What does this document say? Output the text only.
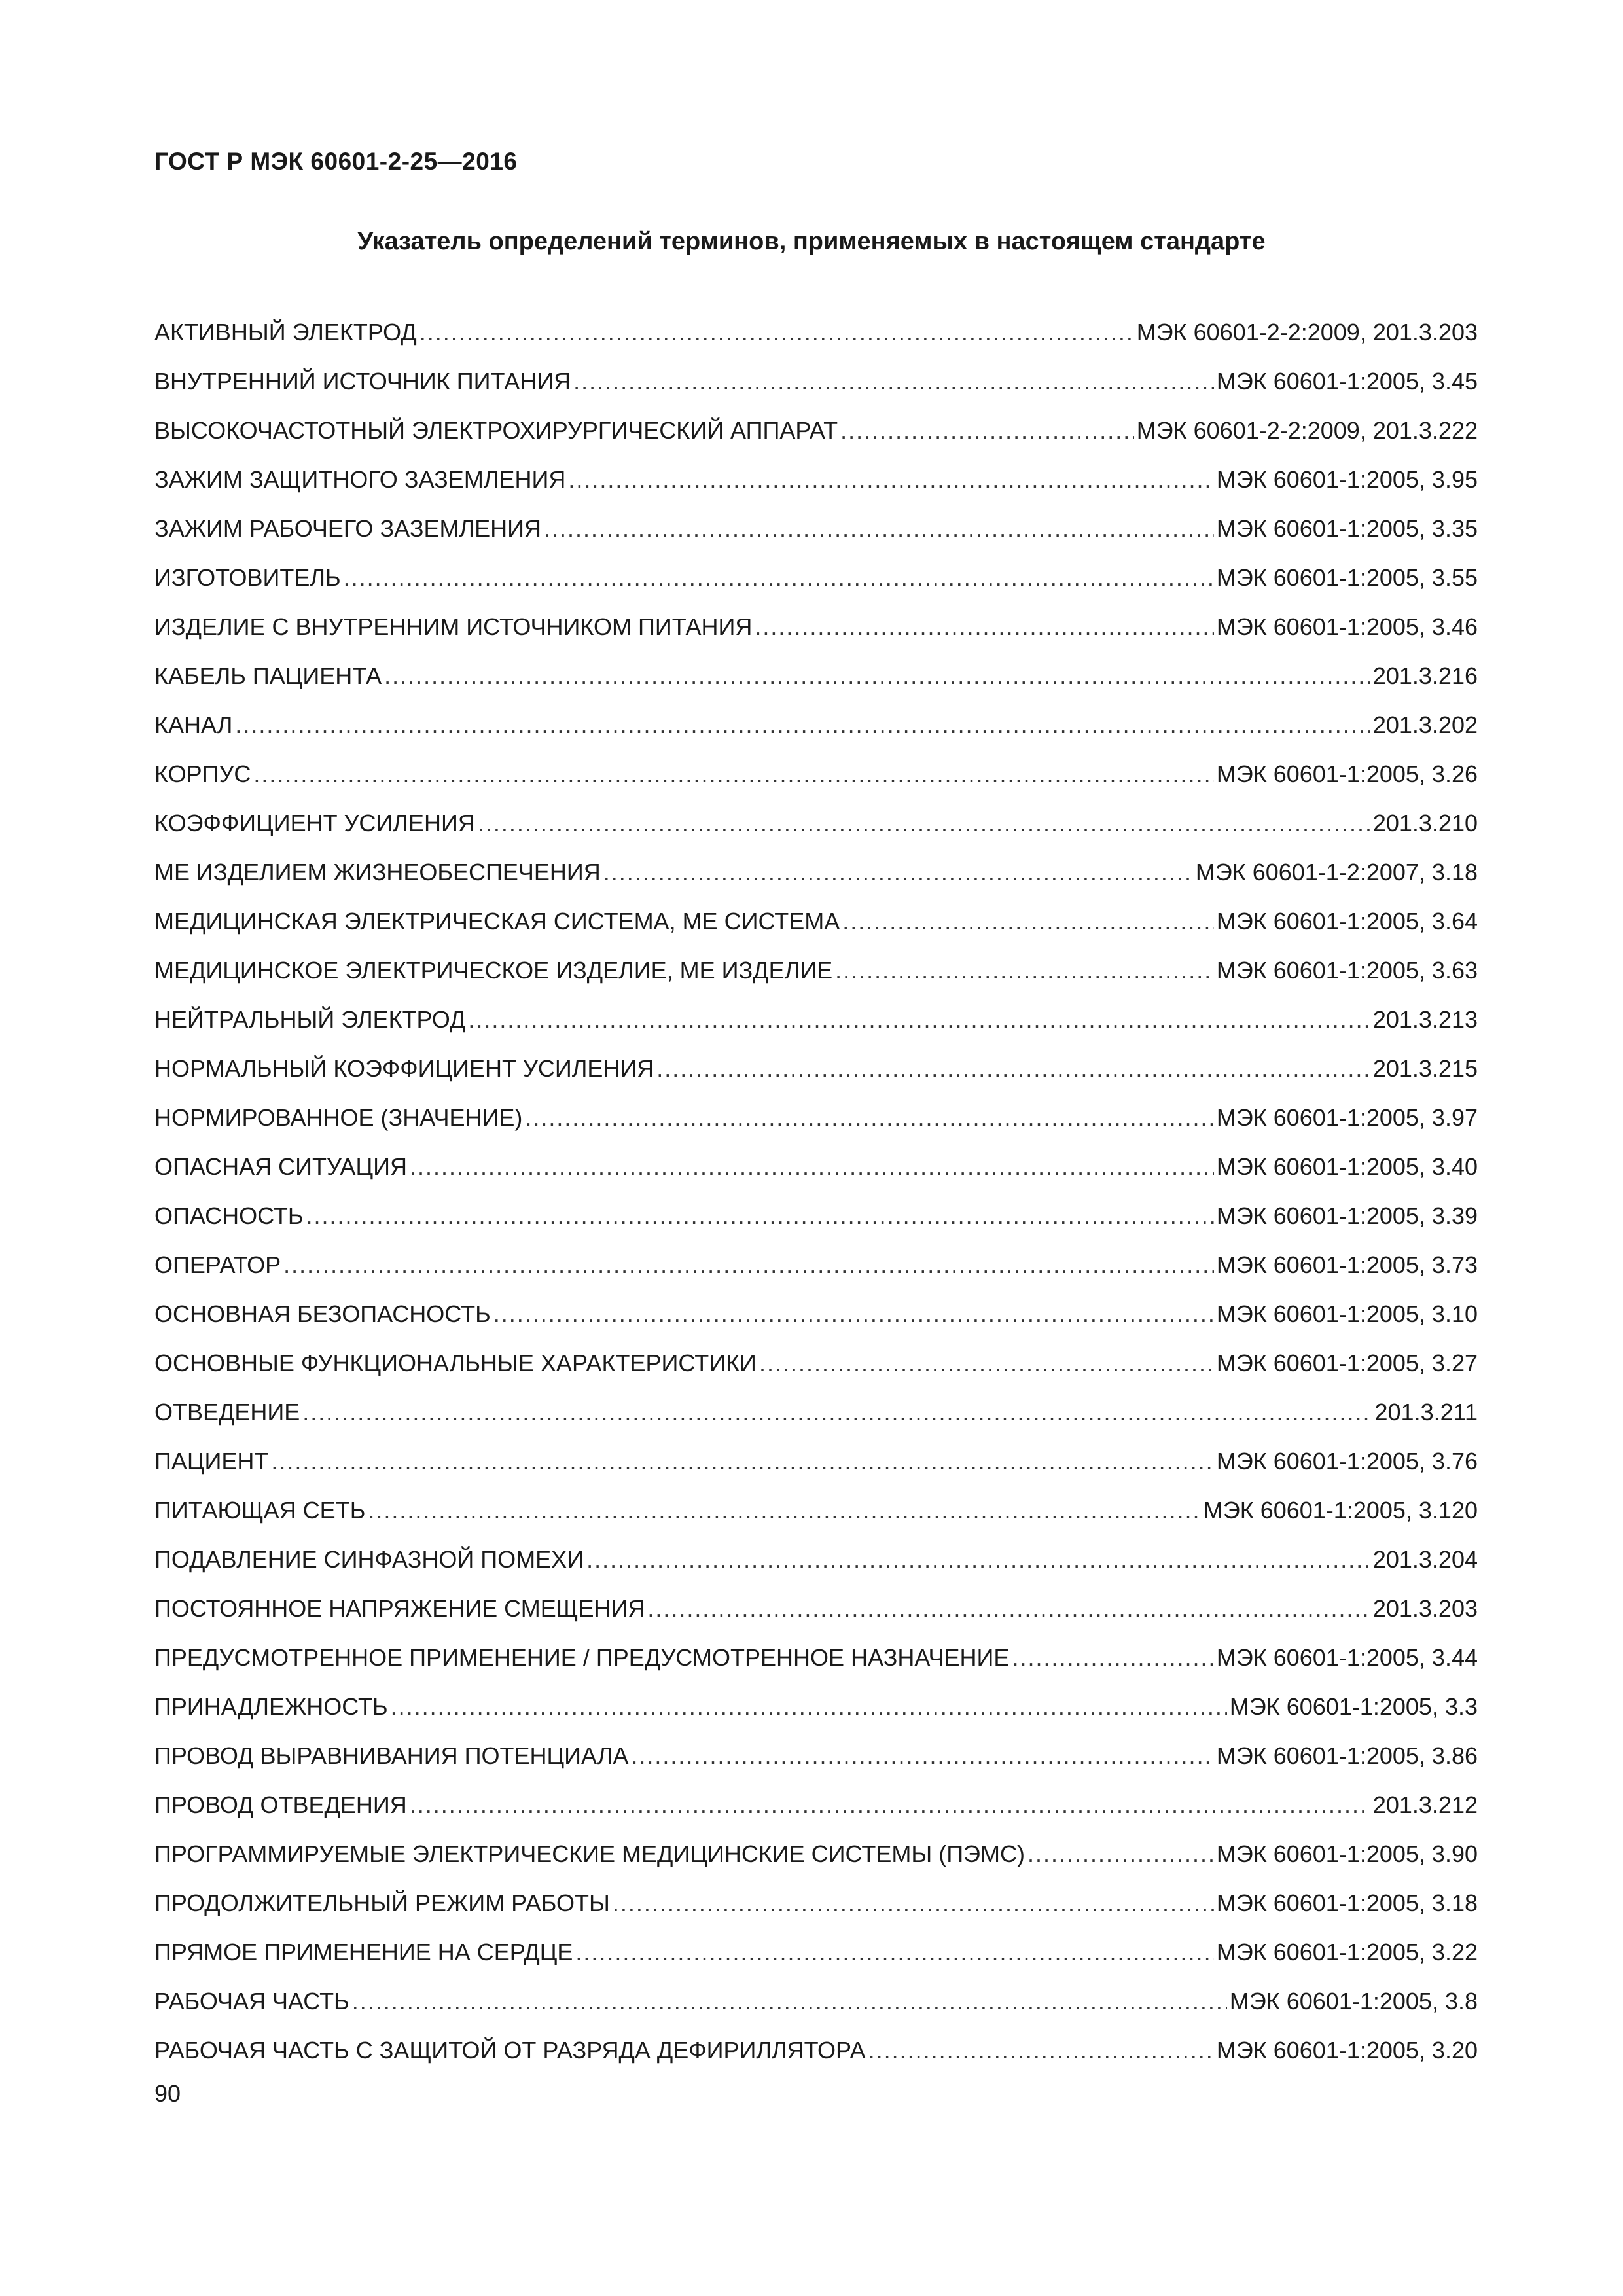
ГОСТ Р МЭК 60601-2-25—2016
Указатель определений терминов, применяемых в настоящем стандарте
АКТИВНЫЙ ЭЛЕКТРОД .....	МЭК 60601-2-2:2009, 201.3.203
ВНУТРЕННИЙ ИСТОЧНИК ПИТАНИЯ .....	МЭК 60601-1:2005, 3.45
ВЫСОКОЧАСТОТНЫЙ ЭЛЕКТРОХИРУРГИЧЕСКИЙ АППАРАТ .....	МЭК 60601-2-2:2009, 201.3.222
ЗАЖИМ ЗАЩИТНОГО ЗАЗЕМЛЕНИЯ .....	МЭК 60601-1:2005, 3.95
ЗАЖИМ РАБОЧЕГО ЗАЗЕМЛЕНИЯ .....	МЭК 60601-1:2005, 3.35
ИЗГОТОВИТЕЛЬ .....	МЭК 60601-1:2005, 3.55
ИЗДЕЛИЕ С ВНУТРЕННИМ ИСТОЧНИКОМ ПИТАНИЯ .....	МЭК 60601-1:2005, 3.46
КАБЕЛЬ ПАЦИЕНТА .....	201.3.216
КАНАЛ .....	201.3.202
КОРПУС .....	МЭК 60601-1:2005, 3.26
КОЭФФИЦИЕНТ УСИЛЕНИЯ .....	201.3.210
МЕ ИЗДЕЛИЕМ ЖИЗНЕОБЕСПЕЧЕНИЯ .....	МЭК 60601-1-2:2007, 3.18
МЕДИЦИНСКАЯ ЭЛЕКТРИЧЕСКАЯ СИСТЕМА, МЕ СИСТЕМА .....	МЭК 60601-1:2005, 3.64
МЕДИЦИНСКОЕ ЭЛЕКТРИЧЕСКОЕ ИЗДЕЛИЕ, МЕ ИЗДЕЛИЕ .....	МЭК 60601-1:2005, 3.63
НЕЙТРАЛЬНЫЙ ЭЛЕКТРОД .....	201.3.213
НОРМАЛЬНЫЙ КОЭФФИЦИЕНТ УСИЛЕНИЯ .....	201.3.215
НОРМИРОВАННОЕ (ЗНАЧЕНИЕ) .....	МЭК 60601-1:2005, 3.97
ОПАСНАЯ СИТУАЦИЯ .....	МЭК 60601-1:2005, 3.40
ОПАСНОСТЬ .....	МЭК 60601-1:2005, 3.39
ОПЕРАТОР .....	МЭК 60601-1:2005, 3.73
ОСНОВНАЯ БЕЗОПАСНОСТЬ .....	МЭК 60601-1:2005, 3.10
ОСНОВНЫЕ ФУНКЦИОНАЛЬНЫЕ ХАРАКТЕРИСТИКИ .....	МЭК 60601-1:2005, 3.27
ОТВЕДЕНИЕ .....	201.3.211
ПАЦИЕНТ .....	МЭК 60601-1:2005, 3.76
ПИТАЮЩАЯ СЕТЬ .....	МЭК 60601-1:2005, 3.120
ПОДАВЛЕНИЕ СИНФАЗНОЙ ПОМЕХИ .....	201.3.204
ПОСТОЯННОЕ НАПРЯЖЕНИЕ СМЕЩЕНИЯ .....	201.3.203
ПРЕДУСМОТРЕННОЕ ПРИМЕНЕНИЕ / ПРЕДУСМОТРЕННОЕ НАЗНАЧЕНИЕ .....	МЭК 60601-1:2005, 3.44
ПРИНАДЛЕЖНОСТЬ .....	МЭК 60601-1:2005, 3.3
ПРОВОД ВЫРАВНИВАНИЯ ПОТЕНЦИАЛА .....	МЭК 60601-1:2005, 3.86
ПРОВОД ОТВЕДЕНИЯ .....	201.3.212
ПРОГРАММИРУЕМЫЕ ЭЛЕКТРИЧЕСКИЕ МЕДИЦИНСКИЕ СИСТЕМЫ (ПЭМС) .....	МЭК 60601-1:2005, 3.90
ПРОДОЛЖИТЕЛЬНЫЙ РЕЖИМ РАБОТЫ .....	МЭК 60601-1:2005, 3.18
ПРЯМОЕ ПРИМЕНЕНИЕ НА СЕРДЦЕ .....	МЭК 60601-1:2005, 3.22
РАБОЧАЯ ЧАСТЬ .....	МЭК 60601-1:2005, 3.8
РАБОЧАЯ ЧАСТЬ С ЗАЩИТОЙ ОТ РАЗРЯДА ДЕФИРИЛЛЯТОРА .....	МЭК 60601-1:2005, 3.20
90
